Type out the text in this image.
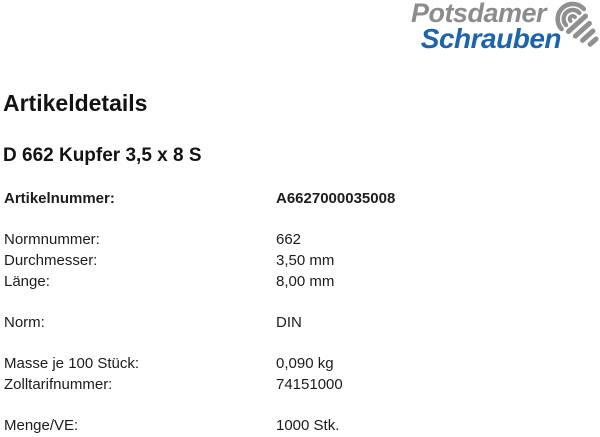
Potsdamer
Schrauben
Artikeldetails
D 662 Kupfer 3,5 x 8 S
Artikelnummer:	A6627000035008
Normnummer:	662
Durchmesser:	3,50 mm
Länge:	8,00 mm
Norm:	DIN
Masse je 100 Stück:	0,090 kg
Zolltarifnummer:	74151000
Menge/VE:	1000 Stk.
